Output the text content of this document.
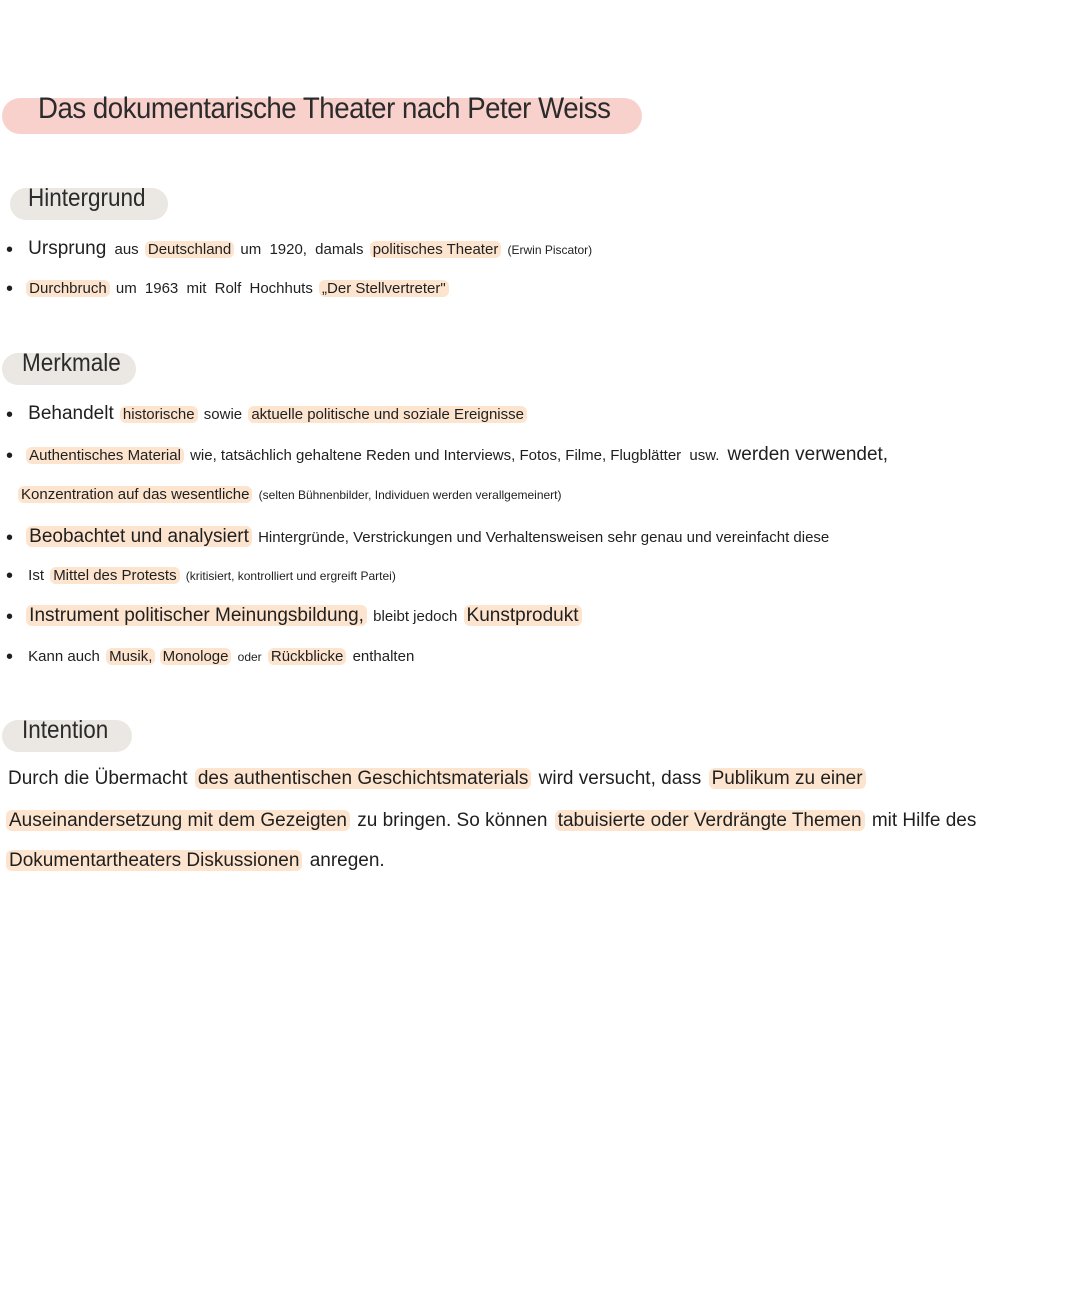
Das dokumentarische Theater nach Peter Weiss
Hintergrund
• Ursprung aus Deutschland um 1920, damals politisches Theater (Erwin Piscator)
• Durchbruch um 1963 mit Rolf Hochhuts „Der Stellvertreter"
Merkmale
• Behandelt historische sowie aktuelle politische und soziale Ereignisse
• Authentisches Material wie, tatsächlich gehaltene Reden und Interviews, Fotos, Filme, Flugblätter usw. werden verwendet,
Konzentration auf das wesentliche (selten Bühnenbilder, Individuen werden verallgemeinert)
• Beobachtet und analysiert Hintergründe, Verstrickungen und Verhaltensweisen sehr genau und vereinfacht diese
• Ist Mittel des Protests (kritisiert, kontrolliert und ergreift Partei)
• Instrument politischer Meinungsbildung, bleibt jedoch Kunstprodukt
• Kann auch Musik, Monologe oder Rückblicke enthalten
Intention
Durch die Übermacht des authentischen Geschichtsmaterials wird versucht, dass Publikum zu einer
Auseinandersetzung mit dem Gezeigten zu bringen. So können tabuisierte oder Verdrängte Themen mit Hilfe des
Dokumentartheaters Diskussionen anregen.
